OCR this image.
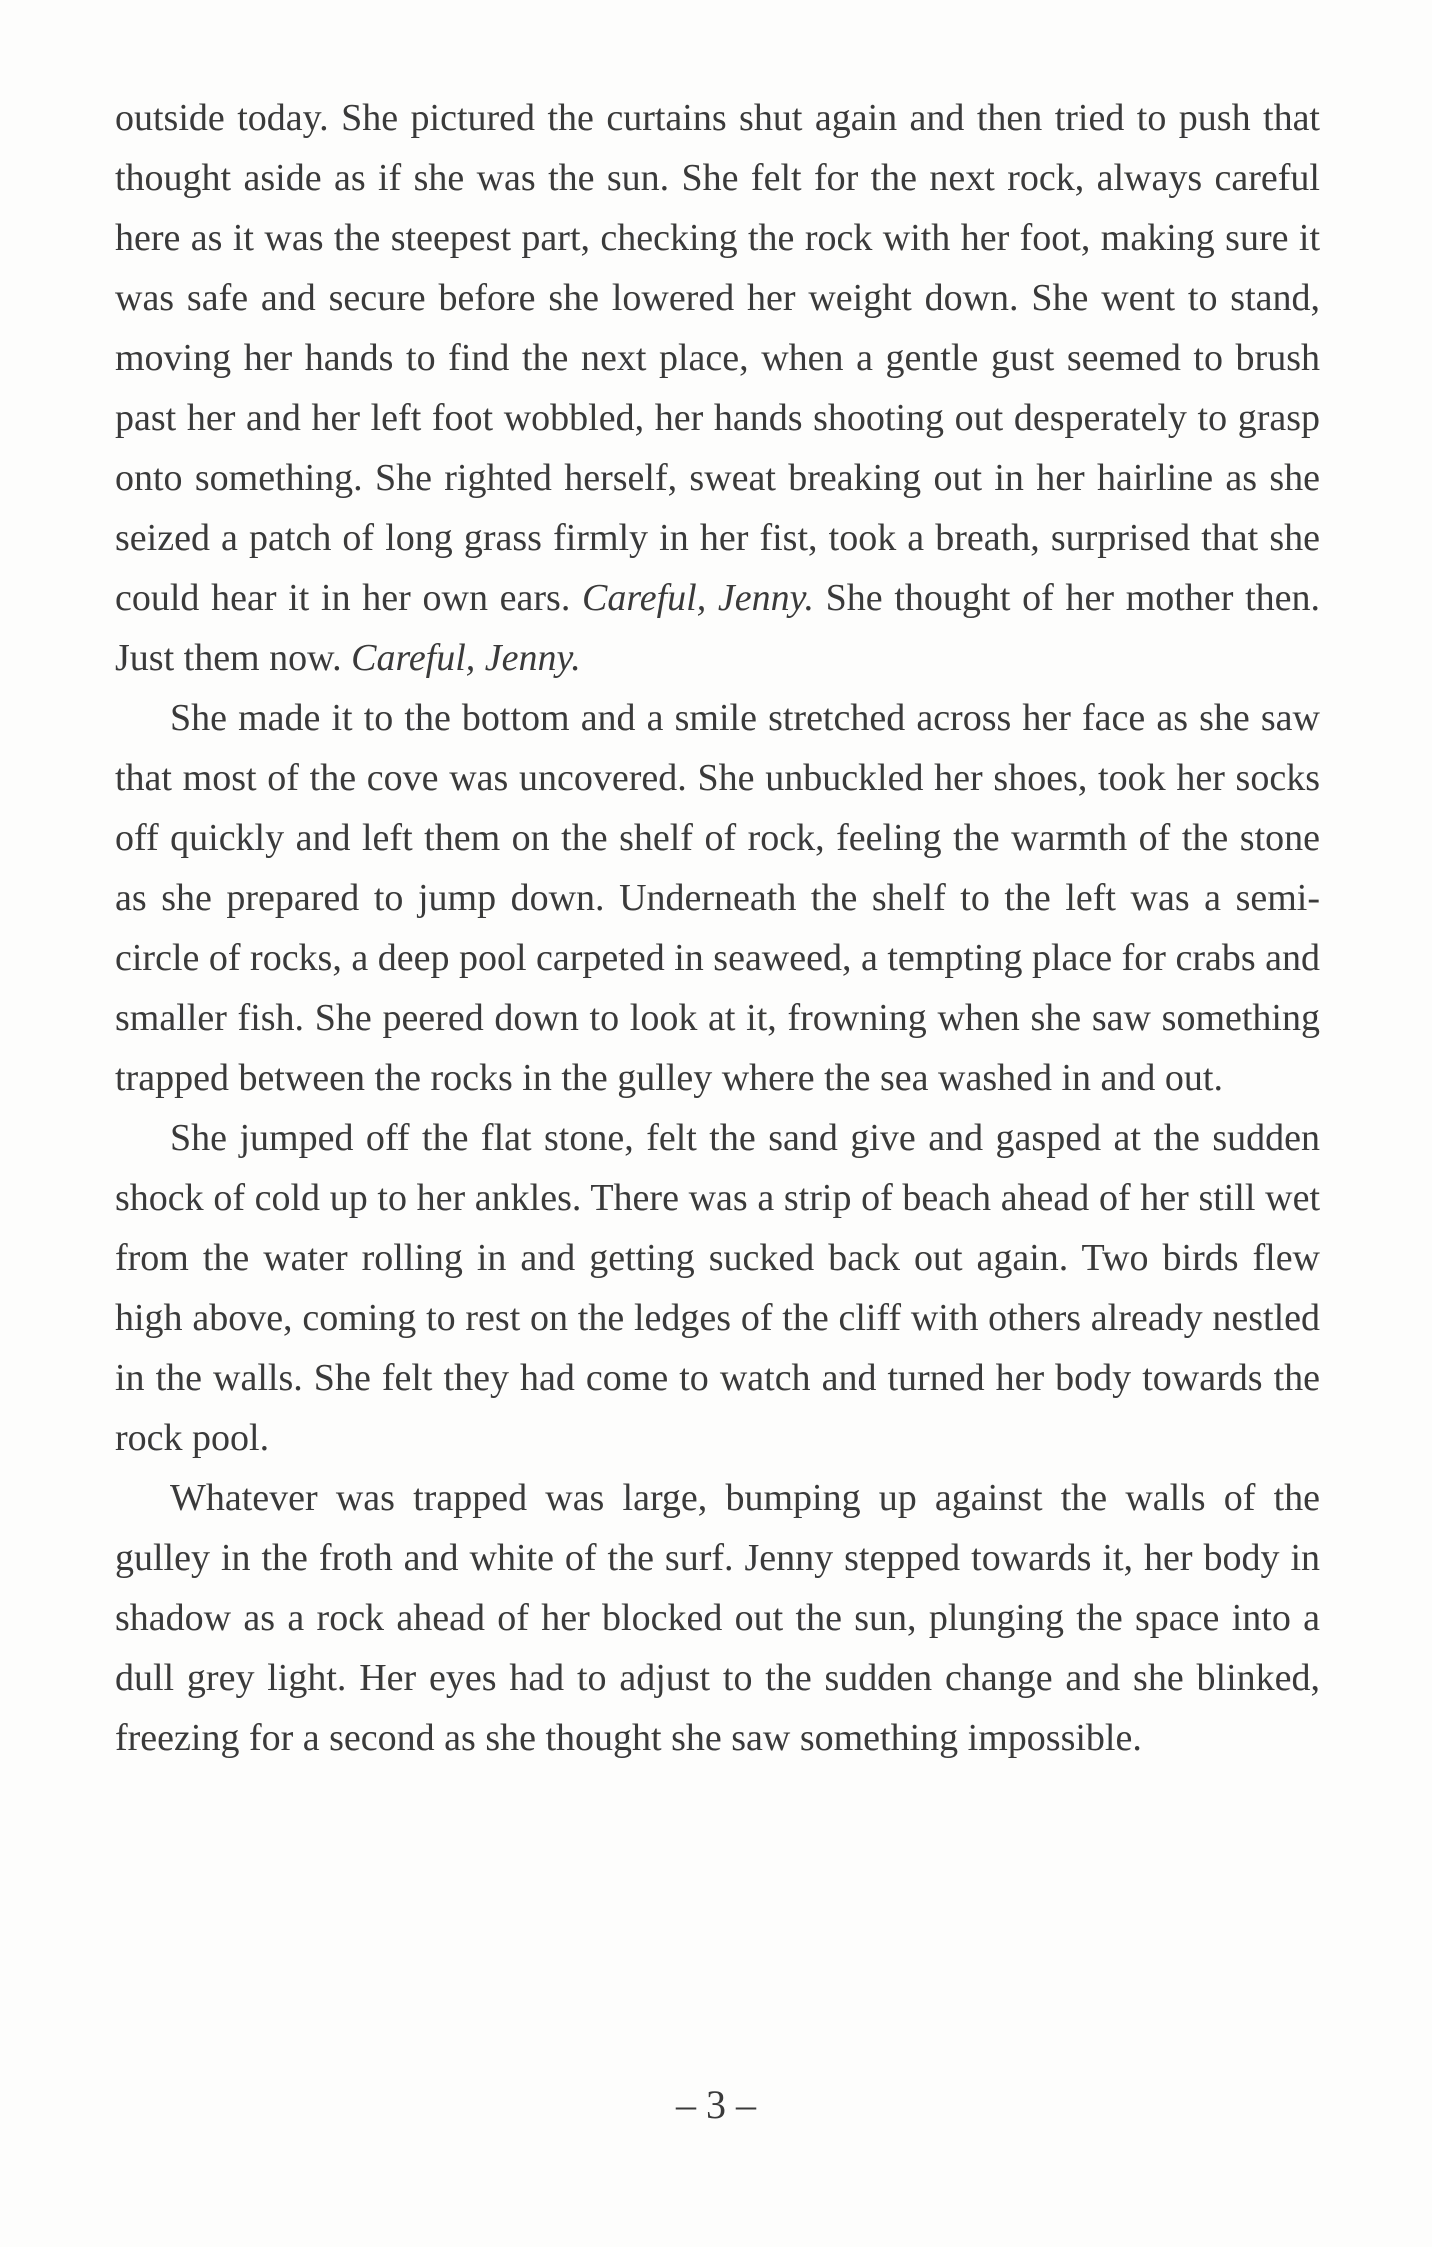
outside today. She pictured the curtains shut again and then tried to push that thought aside as if she was the sun. She felt for the next rock, always careful here as it was the steepest part, checking the rock with her foot, making sure it was safe and secure before she lowered her weight down. She went to stand, moving her hands to find the next place, when a gentle gust seemed to brush past her and her left foot wobbled, her hands shooting out desperately to grasp onto something. She righted herself, sweat breaking out in her hairline as she seized a patch of long grass firmly in her fist, took a breath, surprised that she could hear it in her own ears. Careful, Jenny. She thought of her mother then. Just them now. Careful, Jenny.

She made it to the bottom and a smile stretched across her face as she saw that most of the cove was uncovered. She unbuckled her shoes, took her socks off quickly and left them on the shelf of rock, feeling the warmth of the stone as she prepared to jump down. Underneath the shelf to the left was a semi-circle of rocks, a deep pool carpeted in seaweed, a tempting place for crabs and smaller fish. She peered down to look at it, frowning when she saw something trapped between the rocks in the gulley where the sea washed in and out.

She jumped off the flat stone, felt the sand give and gasped at the sudden shock of cold up to her ankles. There was a strip of beach ahead of her still wet from the water rolling in and getting sucked back out again. Two birds flew high above, coming to rest on the ledges of the cliff with others already nestled in the walls. She felt they had come to watch and turned her body towards the rock pool.

Whatever was trapped was large, bumping up against the walls of the gulley in the froth and white of the surf. Jenny stepped towards it, her body in shadow as a rock ahead of her blocked out the sun, plunging the space into a dull grey light. Her eyes had to adjust to the sudden change and she blinked, freezing for a second as she thought she saw something impossible.

– 3 –
